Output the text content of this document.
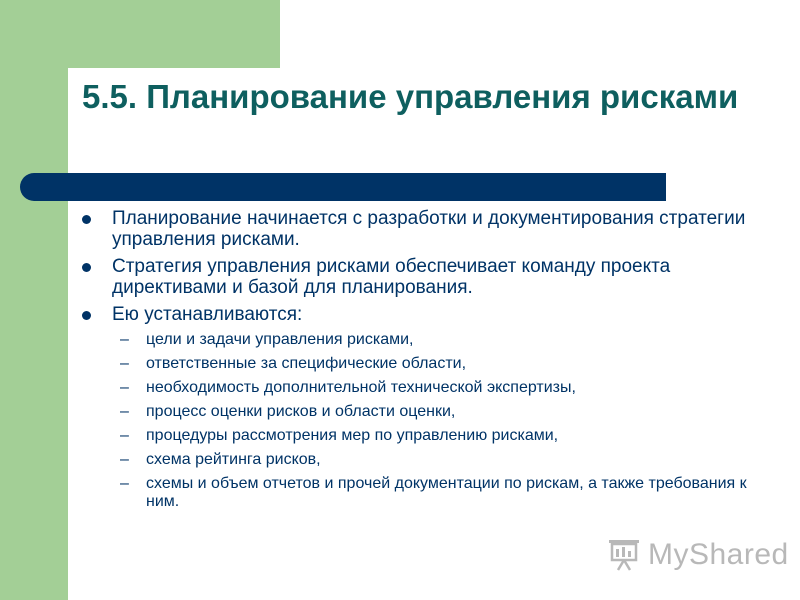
5.5. Планирование управления рисками
Планирование начинается с разработки и документирования стратегии управления рисками.
Стратегия управления рисками обеспечивает команду проекта директивами и базой для планирования.
Ею устанавливаются:
– цели и задачи управления рисками,
– ответственные за специфические области,
– необходимость дополнительной технической экспертизы,
– процесс оценки рисков и области оценки,
– процедуры рассмотрения мер по управлению рисками,
– схема рейтинга рисков,
– схемы и объем отчетов и прочей документации по рискам, а также требования к ним.
MyShared
